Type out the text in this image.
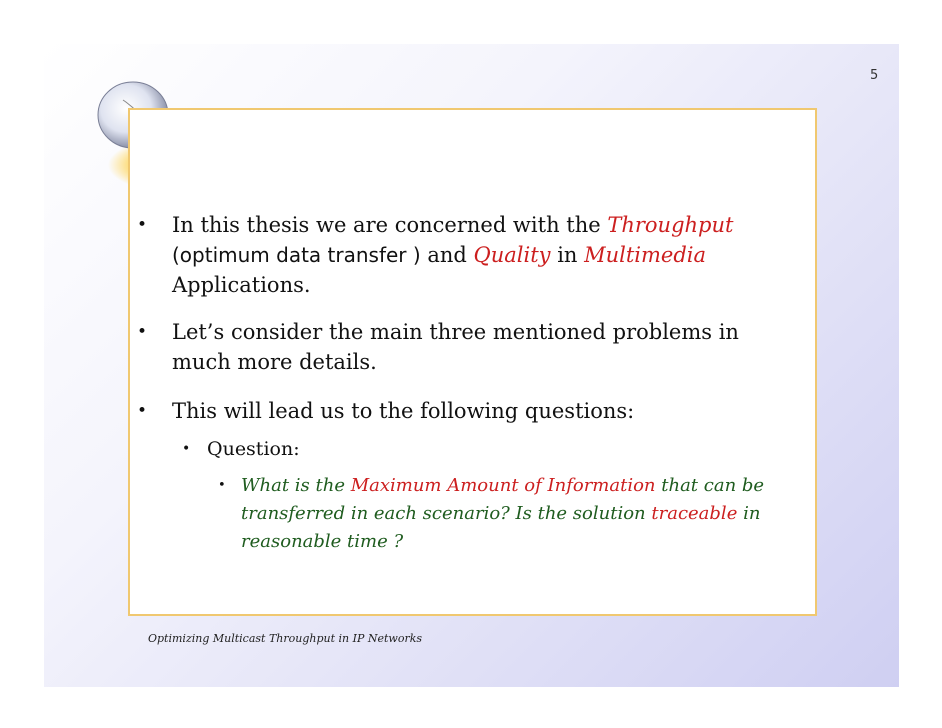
5
• In this thesis we are concerned with the Throughput (optimum data transfer ) and Quality in Multimedia Applications.
• Let’s consider the main three mentioned problems in much more details.
• This will lead us to the following questions:
• Question:
• What is the Maximum Amount of Information that can be transferred in each scenario? Is the solution traceable in reasonable time ?
Optimizing Multicast Throughput in IP Networks
